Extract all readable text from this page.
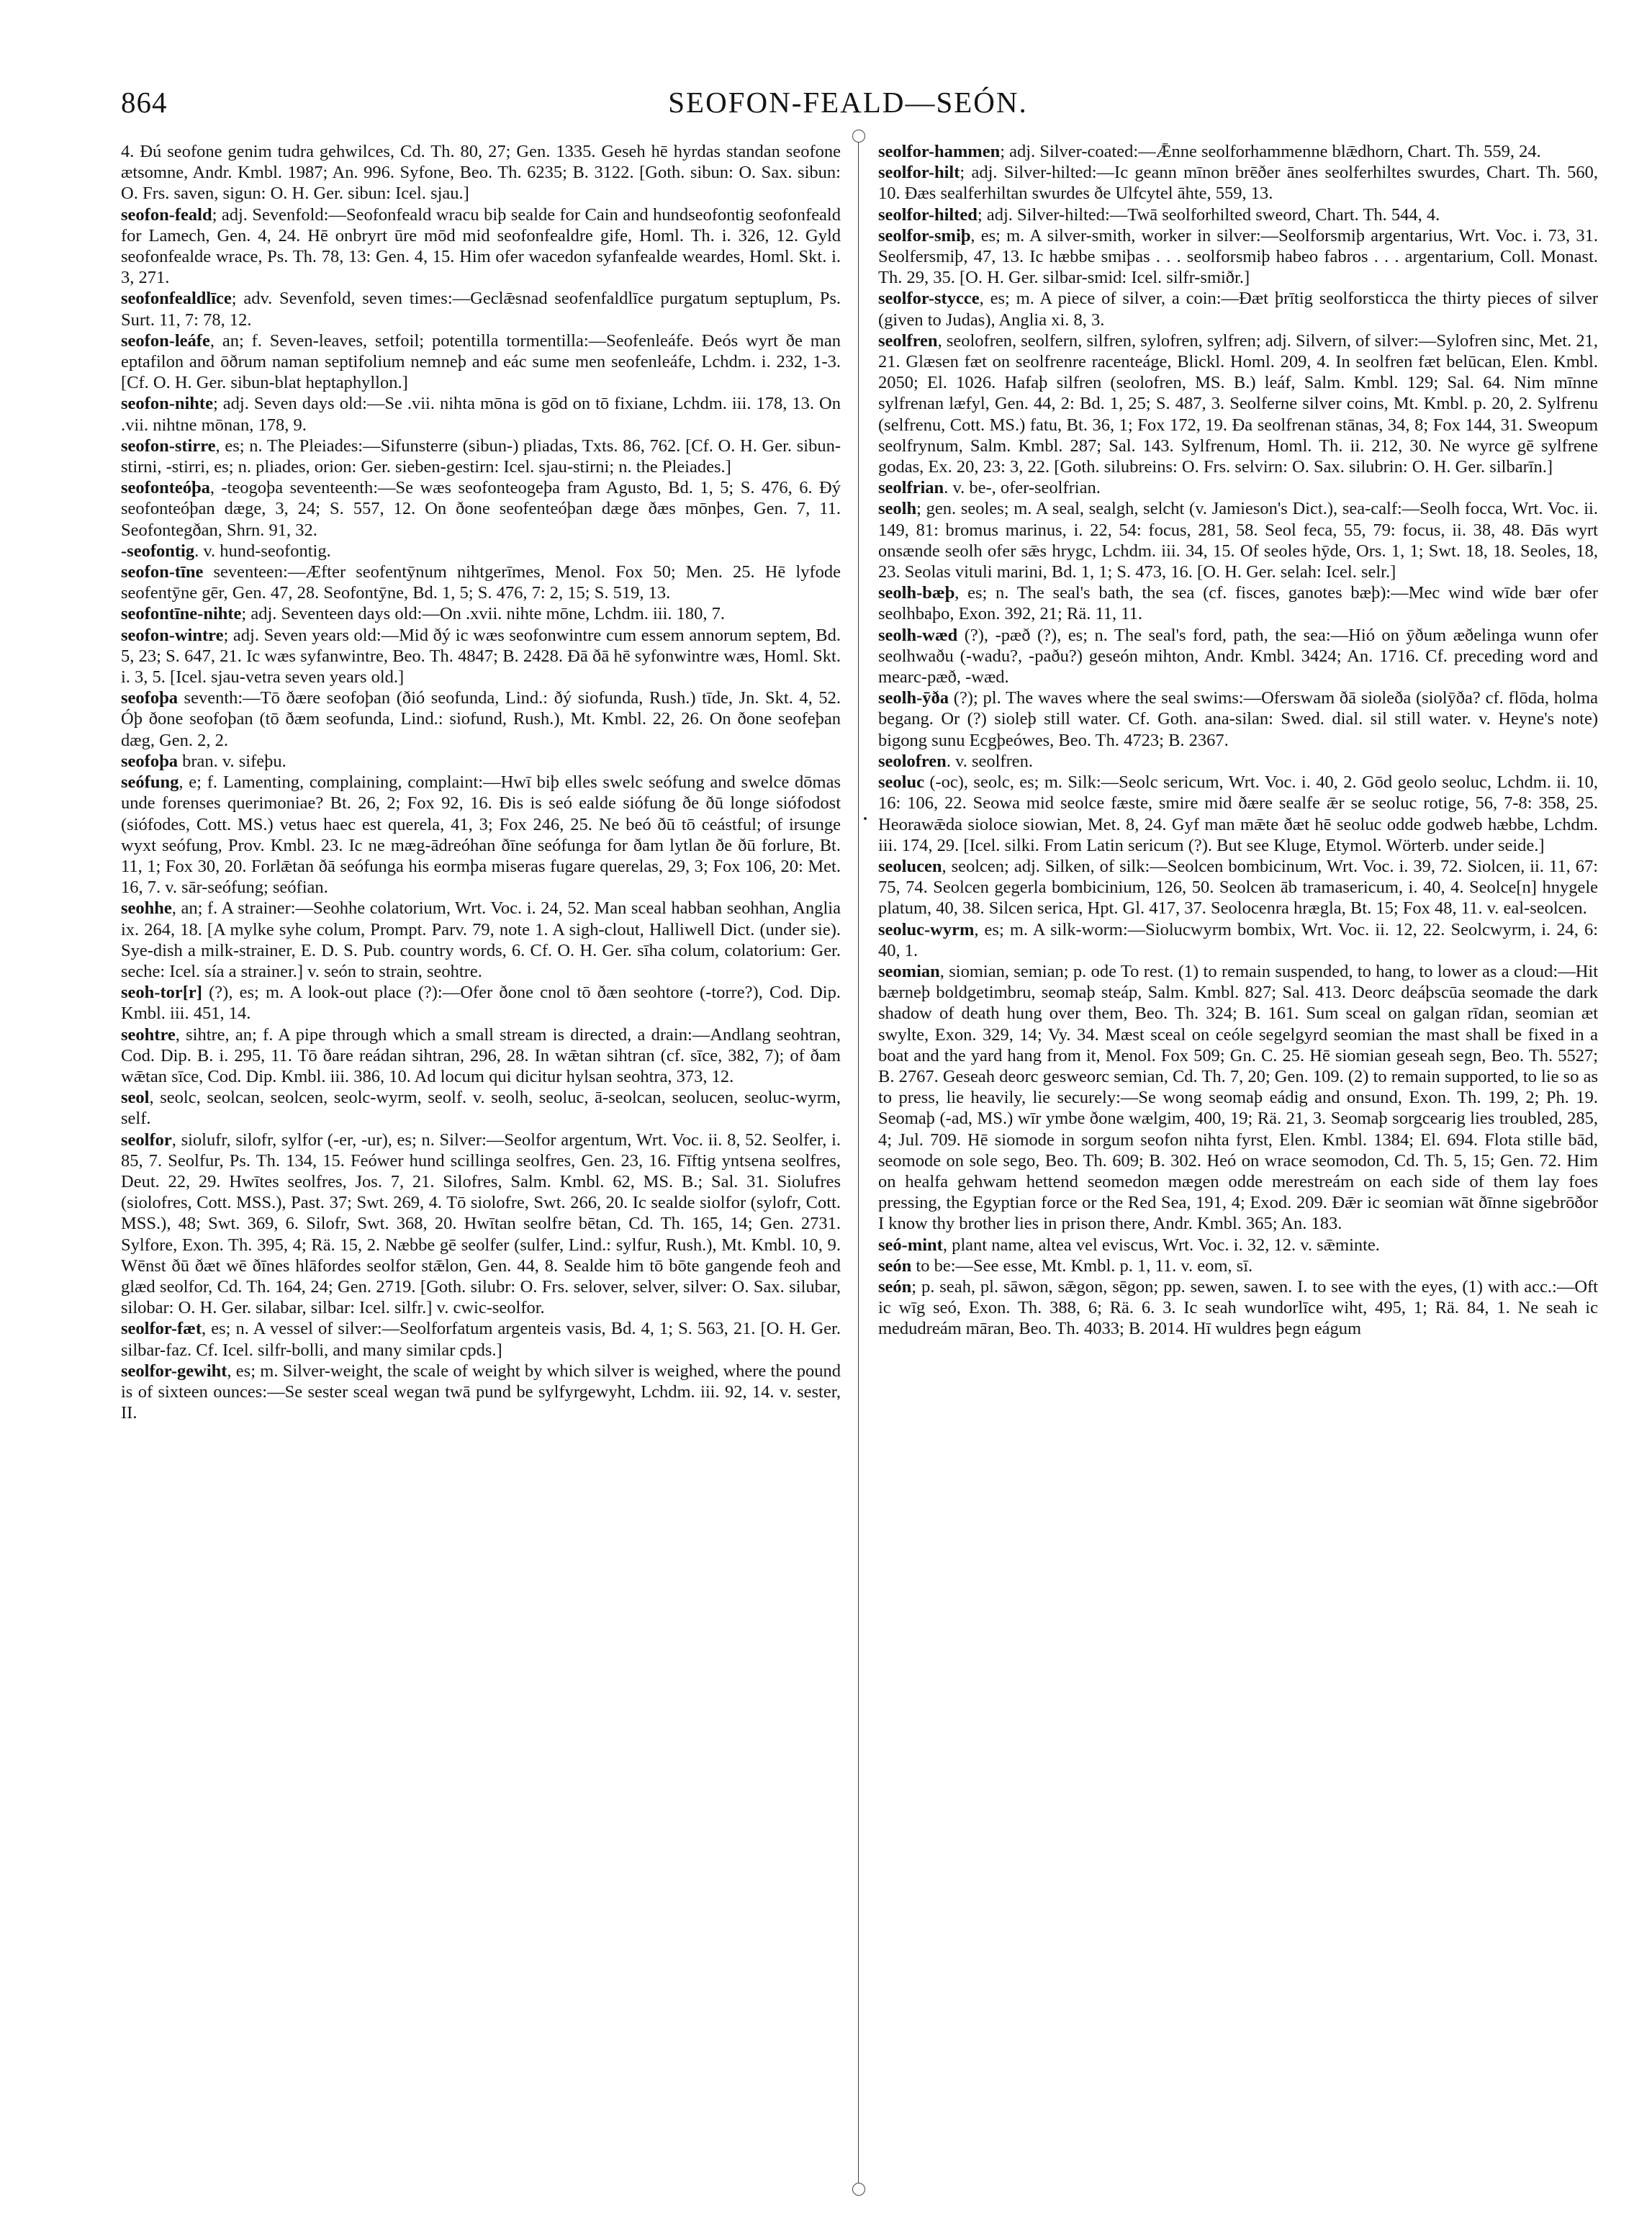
864	SEOFON-FEALD—SEÓN.

4. Ðú seofone genim tudra gehwilces, Cd. Th. 80, 27; Gen. 1335. Geseh hē hyrdas standan seofone ætsomne, Andr. Kmbl. 1987; An. 996. Syfone, Beo. Th. 6235; B. 3122. [Goth. sibun: O. Sax. sibun: O. Frs. saven, sigun: O. H. Ger. sibun: Icel. sjau.]

seofon-feald; adj. Sevenfold:—Seofonfeald wracu biþ sealde for Cain and hundseofontig seofonfeald for Lamech, Gen. 4, 24. Hē onbryrt ūre mōd mid seofonfealdre gife, Homl. Th. i. 326, 12. Gyld seofonfealde wrace, Ps. Th. 78, 13: Gen. 4, 15. Him ofer wacedon syfanfealde weardes, Homl. Skt. i. 3, 271.

seofonfealdlīce; adv. Sevenfold, seven times:—Geclǣsnad seofenfaldlīce purgatum septuplum, Ps. Surt. 11, 7: 78, 12.

seofon-leáfe, an; f. Seven-leaves, setfoil; potentilla tormentilla:—Seofenleáfe. Ðeós wyrt ðe man eptafilon and ōðrum naman septifolium nemneþ and eác sume men seofenleáfe, Lchdm. i. 232, 1-3. [Cf. O. H. Ger. sibun-blat heptaphyllon.]

seofon-nihte; adj. Seven days old:—Se .vii. nihta mōna is gōd on tō fixiane, Lchdm. iii. 178, 13. On .vii. nihtne mōnan, 178, 9.

seofon-stirre, es; n. The Pleiades:—Sifunsterre (sibun-) pliadas, Txts. 86, 762. [Cf. O. H. Ger. sibun-stirni, -stirri, es; n. pliades, orion: Ger. sieben-gestirn: Icel. sjau-stirni; n. the Pleiades.]

seofonteóþa, -teogoþa seventeenth:—Se wæs seofonteogeþa fram Agusto, Bd. 1, 5; S. 476, 6. Ðý seofonteóþan dæge, 3, 24; S. 557, 12. On ðone seofenteóþan dæge ðæs mōnþes, Gen. 7, 11. Seofontegðan, Shrn. 91, 32.

-seofontig. v. hund-seofontig.

seofon-tīne seventeen:—Æfter seofentȳnum nihtgerīmes, Menol. Fox 50; Men. 25. Hē lyfode seofentȳne gēr, Gen. 47, 28. Seofontȳne, Bd. 1, 5; S. 476, 7: 2, 15; S. 519, 13.

seofontīne-nihte; adj. Seventeen days old:—On .xvii. nihte mōne, Lchdm. iii. 180, 7.

seofon-wintre; adj. Seven years old:—Mid ðý ic wæs seofonwintre cum essem annorum septem, Bd. 5, 23; S. 647, 21. Ic wæs syfanwintre, Beo. Th. 4847; B. 2428. Ðā ðā hē syfonwintre wæs, Homl. Skt. i. 3, 5. [Icel. sjau-vetra seven years old.]

seofoþa seventh:—Tō ðære seofoþan (ðió seofunda, Lind.: ðý siofunda, Rush.) tīde, Jn. Skt. 4, 52. Óþ ðone seofoþan (tō ðæm seofunda, Lind.: siofund, Rush.), Mt. Kmbl. 22, 26. On ðone seofeþan dæg, Gen. 2, 2.

seofoþa bran. v. sifeþu.

seófung, e; f. Lamenting, complaining, complaint:—Hwī biþ elles swelc seófung and swelce dōmas unde forenses querimoniae? Bt. 26, 2; Fox 92, 16. Ðis is seó ealde siófung ðe ðū longe siófodost (siófodes, Cott. MS.) vetus haec est querela, 41, 3; Fox 246, 25. Ne beó ðū tō ceástful; of irsunge wyxt seófung, Prov. Kmbl. 23. Ic ne mæg-ādreóhan ðīne seófunga for ðam lytlan ðe ðū forlure, Bt. 11, 1; Fox 30, 20. Forlǣtan ðā seófunga his eormþa miseras fugare querelas, 29, 3; Fox 106, 20: Met. 16, 7. v. sār-seófung; seófian.

seohhe, an; f. A strainer:—Seohhe colatorium, Wrt. Voc. i. 24, 52. Man sceal habban seohhan, Anglia ix. 264, 18. [A mylke syhe colum, Prompt. Parv. 79, note 1. A sigh-clout, Halliwell Dict. (under sie). Sye-dish a milk-strainer, E. D. S. Pub. country words, 6. Cf. O. H. Ger. sīha colum, colatorium: Ger. seche: Icel. sía a strainer.] v. seón to strain, seohtre.

seoh-tor[r] (?), es; m. A look-out place (?):—Ofer ðone cnol tō ðæn seohtore (-torre?), Cod. Dip. Kmbl. iii. 451, 14.

seohtre, sihtre, an; f. A pipe through which a small stream is directed, a drain:—Andlang seohtran, Cod. Dip. B. i. 295, 11. Tō ðare reádan sihtran, 296, 28. In wǣtan sihtran (cf. sīce, 382, 7); of ðam wǣtan sīce, Cod. Dip. Kmbl. iii. 386, 10. Ad locum qui dicitur hylsan seohtra, 373, 12.

seol, seolc, seolcan, seolcen, seolc-wyrm, seolf. v. seolh, seoluc, ā-seolcan, seolucen, seoluc-wyrm, self.

seolfor, siolufr, silofr, sylfor (-er, -ur), es; n. Silver:—Seolfor argentum, Wrt. Voc. ii. 8, 52. Seolfer, i. 85, 7. Seolfur, Ps. Th. 134, 15. Feówer hund scillinga seolfres, Gen. 23, 16. Fīftig yntsena seolfres, Deut. 22, 29. Hwītes seolfres, Jos. 7, 21. Silofres, Salm. Kmbl. 62, MS. B.; Sal. 31. Siolufres (siolofres, Cott. MSS.), Past. 37; Swt. 269, 4. Tō siolofre, Swt. 266, 20. Ic sealde siolfor (sylofr, Cott. MSS.), 48; Swt. 369, 6. Silofr, Swt. 368, 20. Hwītan seolfre bētan, Cd. Th. 165, 14; Gen. 2731. Sylfore, Exon. Th. 395, 4; Rä. 15, 2. Næbbe gē seolfer (sulfer, Lind.: sylfur, Rush.), Mt. Kmbl. 10, 9. Wēnst ðū ðæt wē ðīnes hlāfordes seolfor stǣlon, Gen. 44, 8. Sealde him tō bōte gangende feoh and glæd seolfor, Cd. Th. 164, 24; Gen. 2719. [Goth. silubr: O. Frs. selover, selver, silver: O. Sax. silubar, silobar: O. H. Ger. silabar, silbar: Icel. silfr.] v. cwic-seolfor.

seolfor-fæt, es; n. A vessel of silver:—Seolforfatum argenteis vasis, Bd. 4, 1; S. 563, 21. [O. H. Ger. silbar-faz. Cf. Icel. silfr-bolli, and many similar cpds.]

seolfor-gewiht, es; m. Silver-weight, the scale of weight by which silver is weighed, where the pound is of sixteen ounces:—Se sester sceal wegan twā pund be sylfyrgewyht, Lchdm. iii. 92, 14. v. sester, II.

seolfor-hammen; adj. Silver-coated:—Ǣnne seolforhammenne blǣdhorn, Chart. Th. 559, 24.

seolfor-hilt; adj. Silver-hilted:—Ic geann mīnon brēðer ānes seolferhiltes swurdes, Chart. Th. 560, 10. Ðæs sealferhiltan swurdes ðe Ulfcytel āhte, 559, 13.

seolfor-hilted; adj. Silver-hilted:—Twā seolforhilted sweord, Chart. Th. 544, 4.

seolfor-smiþ, es; m. A silver-smith, worker in silver:—Seolforsmiþ argentarius, Wrt. Voc. i. 73, 31. Seolfersmiþ, 47, 13. Ic hæbbe smiþas . . . seolforsmiþ habeo fabros . . . argentarium, Coll. Monast. Th. 29, 35. [O. H. Ger. silbar-smid: Icel. silfr-smiðr.]

seolfor-stycce, es; m. A piece of silver, a coin:—Ðæt þrītig seolforsticca the thirty pieces of silver (given to Judas), Anglia xi. 8, 3.

seolfren, seolofren, seolfern, silfren, sylofren, sylfren; adj. Silvern, of silver:—Sylofren sinc, Met. 21, 21. Glæsen fæt on seolfrenre racenteáge, Blickl. Homl. 209, 4. In seolfren fæt belūcan, Elen. Kmbl. 2050; El. 1026. Hafaþ silfren (seolofren, MS. B.) leáf, Salm. Kmbl. 129; Sal. 64. Nim mīnne sylfrenan læfyl, Gen. 44, 2: Bd. 1, 25; S. 487, 3. Seolferne silver coins, Mt. Kmbl. p. 20, 2. Sylfrenu (selfrenu, Cott. MS.) fatu, Bt. 36, 1; Fox 172, 19. Ða seolfrenan stānas, 34, 8; Fox 144, 31. Sweopum seolfrynum, Salm. Kmbl. 287; Sal. 143. Sylfrenum, Homl. Th. ii. 212, 30. Ne wyrce gē sylfrene godas, Ex. 20, 23: 3, 22. [Goth. silubreins: O. Frs. selvirn: O. Sax. silubrin: O. H. Ger. silbarīn.]

seolfrian. v. be-, ofer-seolfrian.

seolh; gen. seoles; m. A seal, sealgh, selcht (v. Jamieson's Dict.), sea-calf:—Seolh focca, Wrt. Voc. ii. 149, 81: bromus marinus, i. 22, 54: focus, 281, 58. Seol feca, 55, 79: focus, ii. 38, 48. Ðās wyrt onsænde seolh ofer sǣs hrygc, Lchdm. iii. 34, 15. Of seoles hȳde, Ors. 1, 1; Swt. 18, 18. Seoles, 18, 23. Seolas vituli marini, Bd. 1, 1; S. 473, 16. [O. H. Ger. selah: Icel. selr.]

seolh-bæþ, es; n. The seal's bath, the sea (cf. fisces, ganotes bæþ):—Mec wind wīde bær ofer seolhbaþo, Exon. 392, 21; Rä. 11, 11.

seolh-wæd (?), -pæð (?), es; n. The seal's ford, path, the sea:—Hió on ȳðum æðelinga wunn ofer seolhwaðu (-wadu?, -paðu?) geseón mihton, Andr. Kmbl. 3424; An. 1716. Cf. preceding word and mearc-pæð, -wæd.

seolh-ȳða (?); pl. The waves where the seal swims:—Oferswam ðā sioleða (siolȳða? cf. flōda, holma begang. Or (?) sioleþ still water. Cf. Goth. ana-silan: Swed. dial. sil still water. v. Heyne's note) bigong sunu Ecgþeówes, Beo. Th. 4723; B. 2367.

seolofren. v. seolfren.

seoluc (-oc), seolc, es; m. Silk:—Seolc sericum, Wrt. Voc. i. 40, 2. Gōd geolo seoluc, Lchdm. ii. 10, 16: 106, 22. Seowa mid seolce fæste, smire mid ðære sealfe ǣr se seoluc rotige, 56, 7-8: 358, 25. Heorawǣda sioloce siowian, Met. 8, 24. Gyf man mǣte ðæt hē seoluc odde godweb hæbbe, Lchdm. iii. 174, 29. [Icel. silki. From Latin sericum (?). But see Kluge, Etymol. Wörterb. under seide.]

seolucen, seolcen; adj. Silken, of silk:—Seolcen bombicinum, Wrt. Voc. i. 39, 72. Siolcen, ii. 11, 67: 75, 74. Seolcen gegerla bombicinium, 126, 50. Seolcen āb tramasericum, i. 40, 4. Seolce[n] hnygele platum, 40, 38. Silcen serica, Hpt. Gl. 417, 37. Seolocenra hrægla, Bt. 15; Fox 48, 11. v. eal-seolcen.

seoluc-wyrm, es; m. A silk-worm:—Siolucwyrm bombix, Wrt. Voc. ii. 12, 22. Seolcwyrm, i. 24, 6: 40, 1.

seomian, siomian, semian; p. ode To rest. (1) to remain suspended, to hang, to lower as a cloud:—Hit bærneþ boldgetimbru, seomaþ steáp, Salm. Kmbl. 827; Sal. 413. Deorc deáþscūa seomade the dark shadow of death hung over them, Beo. Th. 324; B. 161. Sum sceal on galgan rīdan, seomian æt swylte, Exon. 329, 14; Vy. 34. Mæst sceal on ceóle segelgyrd seomian the mast shall be fixed in a boat and the yard hang from it, Menol. Fox 509; Gn. C. 25. Hē siomian geseah segn, Beo. Th. 5527; B. 2767. Geseah deorc gesweorc semian, Cd. Th. 7, 20; Gen. 109. (2) to remain supported, to lie so as to press, lie heavily, lie securely:—Se wong seomaþ eádig and onsund, Exon. Th. 199, 2; Ph. 19. Seomaþ (-ad, MS.) wīr ymbe ðone wælgim, 400, 19; Rä. 21, 3. Seomaþ sorgcearig lies troubled, 285, 4; Jul. 709. Hē siomode in sorgum seofon nihta fyrst, Elen. Kmbl. 1384; El. 694. Flota stille bād, seomode on sole sego, Beo. Th. 609; B. 302. Heó on wrace seomodon, Cd. Th. 5, 15; Gen. 72. Him on healfa gehwam hettend seomedon mægen odde merestreám on each side of them lay foes pressing, the Egyptian force or the Red Sea, 191, 4; Exod. 209. Ðǣr ic seomian wāt ðīnne sigebrōðor I know thy brother lies in prison there, Andr. Kmbl. 365; An. 183.

seó-mint, plant name, altea vel eviscus, Wrt. Voc. i. 32, 12. v. sǣminte.

seón to be:—See esse, Mt. Kmbl. p. 1, 11. v. eom, sī.

seón; p. seah, pl. sāwon, sǣgon, sēgon; pp. sewen, sawen. I. to see with the eyes, (1) with acc.:—Oft ic wīg seó, Exon. Th. 388, 6; Rä. 6. 3. Ic seah wundorlīce wiht, 495, 1; Rä. 84, 1. Ne seah ic medudreám māran, Beo. Th. 4033; B. 2014. Hī wuldres þegn eágum
